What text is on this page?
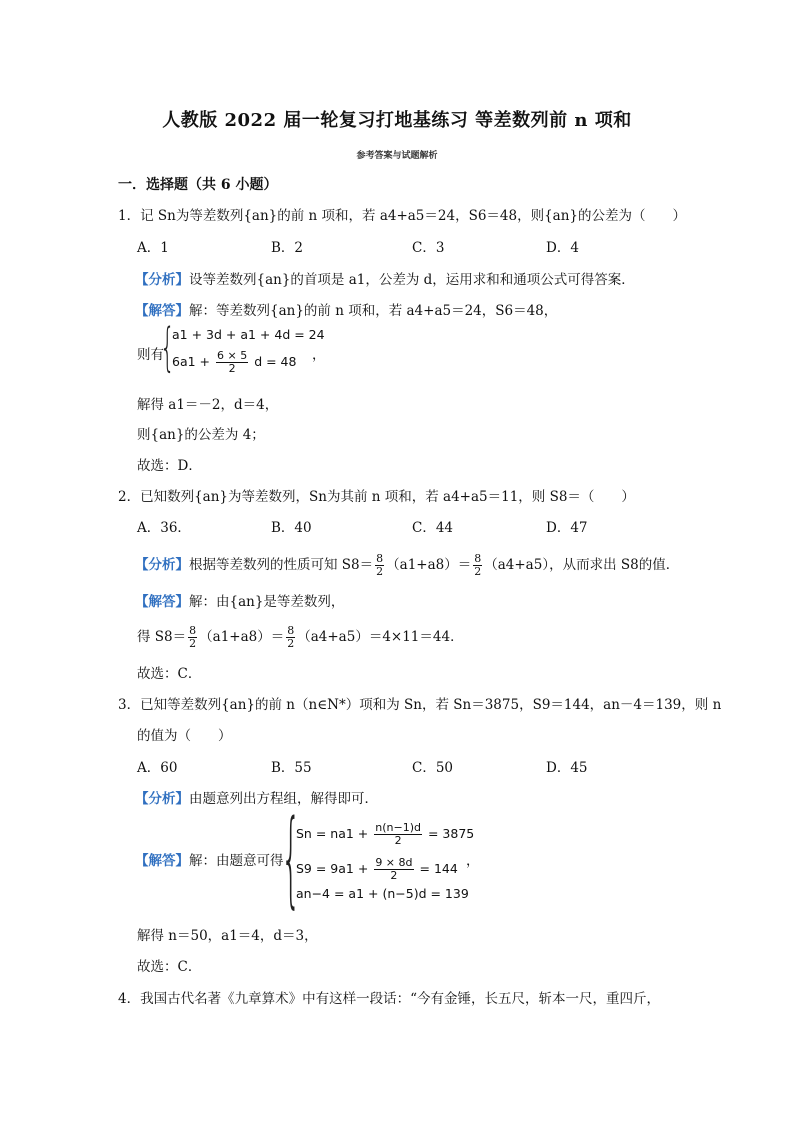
人教版 2022 届一轮复习打地基练习 等差数列前 n 项和
参考答案与试题解析
一．选择题（共 6 小题）
1．记 Sn为等差数列{an}的前 n 项和，若 a4+a5＝24，S6＝48，则{an}的公差为（　　）
A．1	B．2	C．3	D．4
【分析】设等差数列{an}的首项是 a1，公差为 d，运用求和和通项公式可得答案．
【解答】解：等差数列{an}的前 n 项和，若 a4+a5＝24，S6＝48，
则有
{
a1 + 3d + a1 + 4d = 24
$6a1 + \frac{6 \times 5}{2}$ d = 48 ，
解得 a1＝－2，d＝4，
则{an}的公差为 4；
故选：D．
2．已知数列{an}为等差数列，Sn为其前 n 项和，若 a4+a5＝11，则 S8＝（　　）
A．36．	B．40	C．44	D．47
【分析】根据等差数列的性质可知 $S8= \frac{8}{2} (a1+a8)= \frac{8}{2} (a4+a5)$，从而求出 S8的值．
【解答】解：由{an}是等差数列，
得 $S8= \frac{8}{2} (a1+a8)= \frac{8}{2} (a4+a5)=4\times 11=44$．
故选：C．
3．已知等差数列{an}的前 n（n∈N*）项和为 Sn，若 Sn＝3875，S9＝144，an－4＝139，则 n
的值为（　　）
A．60	B．55	C．50	D．45
【分析】由题意列出方程组，解得即可．
【解答】解：由题意可得
{
$Sn = na1 + \frac{n(n-1)d}{2} = 3875$
$S9 = 9a1 + \frac{9 \times 8d}{2} = 144$
an−4 = a1 + (n−5)d = 139
，
解得 n＝50，a1＝4，d＝3，
故选：C．
4．我国古代名著《九章算术》中有这样一段话：“今有金锤，长五尺，斩本一尺，重四斤，
